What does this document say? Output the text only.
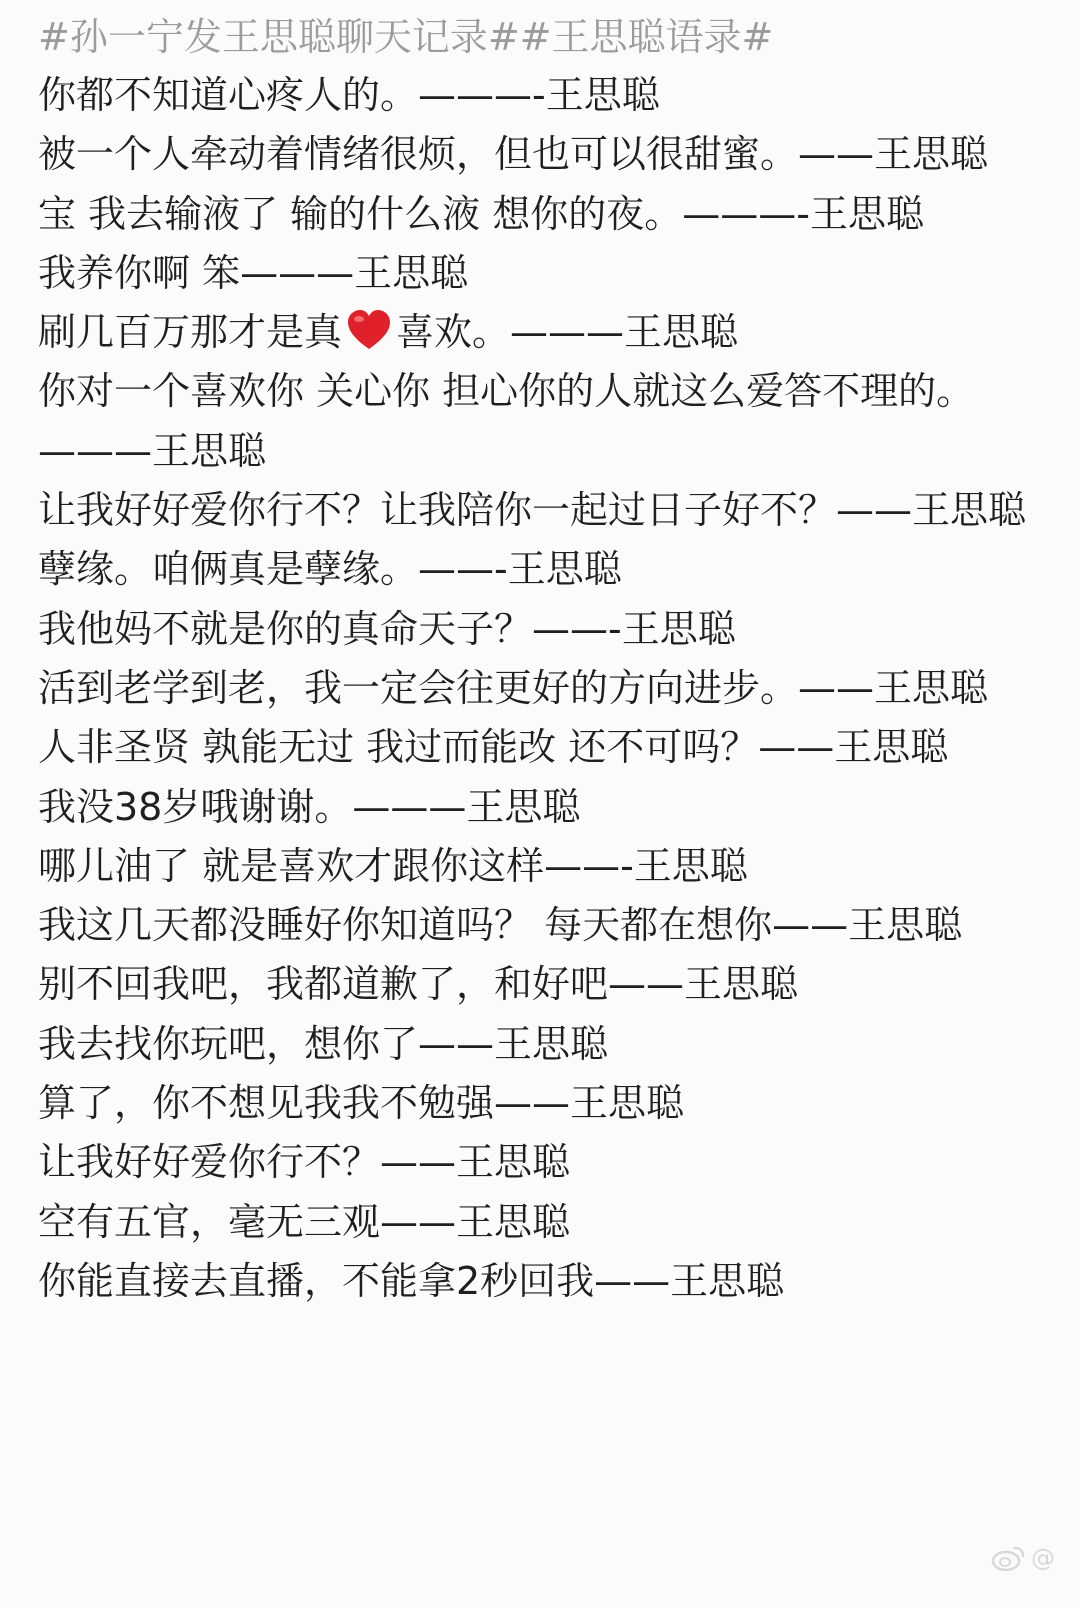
#孙一宁发王思聪聊天记录##王思聪语录#
你都不知道心疼人的。———-王思聪
被一个人牵动着情绪很烦，但也可以很甜蜜。——王思聪
宝 我去输液了 输的什么液 想你的夜。———-王思聪
我养你啊 笨———王思聪
刷几百万那才是真 喜欢。———王思聪
你对一个喜欢你 关心你 担心你的人就这么爱答不理的。———王思聪
让我好好爱你行不？让我陪你一起过日子好不？——王思聪
孽缘。咱俩真是孽缘。——-王思聪
我他妈不就是你的真命天子？——-王思聪
活到老学到老，我一定会往更好的方向进步。——王思聪
人非圣贤 孰能无过 我过而能改 还不可吗？——王思聪
我没38岁哦谢谢。———王思聪
哪儿油了 就是喜欢才跟你这样——-王思聪
我这几天都没睡好你知道吗？ 每天都在想你——王思聪
别不回我吧，我都道歉了，和好吧——王思聪
我去找你玩吧，想你了——王思聪
算了，你不想见我我不勉强——王思聪
让我好好爱你行不？——王思聪
空有五官，毫无三观——王思聪
你能直接去直播，不能拿2秒回我——王思聪
@
